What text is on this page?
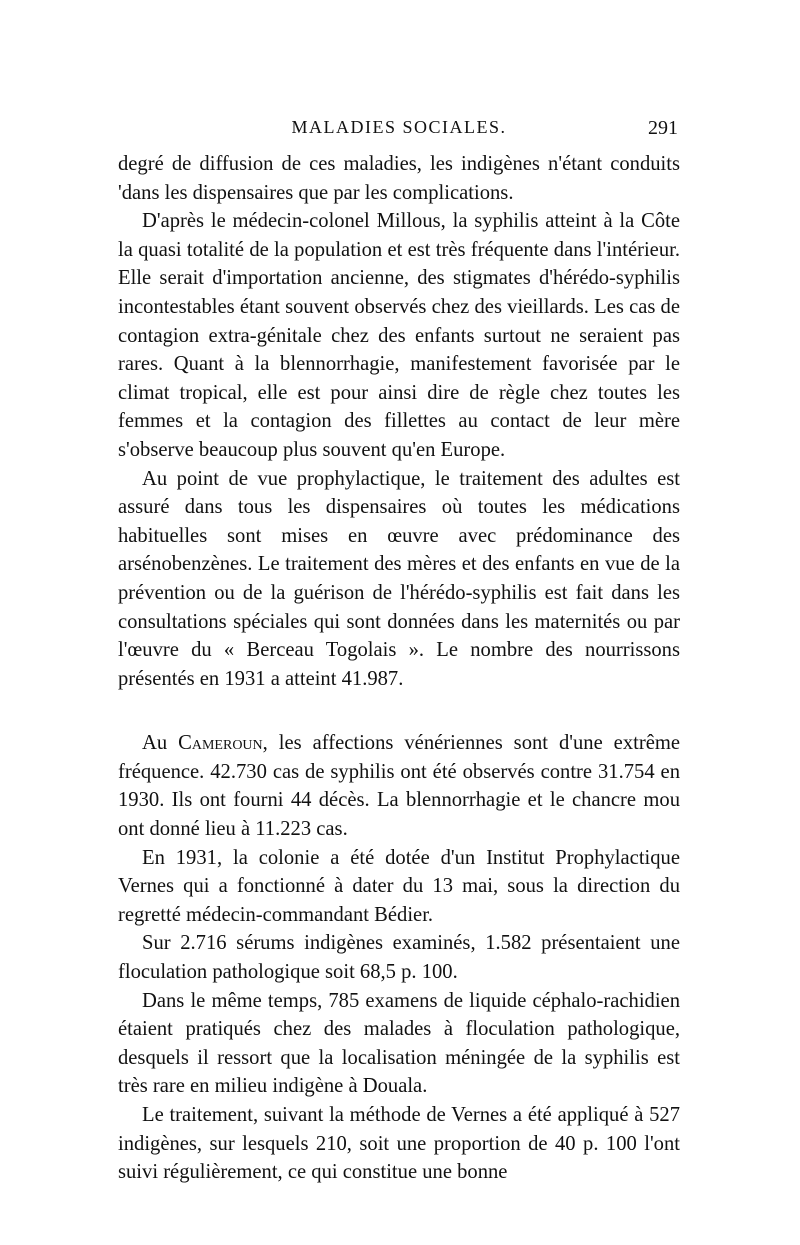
MALADIES SOCIALES.	291

degré de diffusion de ces maladies, les indigènes n'étant conduits 'dans les dispensaires que par les complications.

D'après le médecin-colonel Millous, la syphilis atteint à la Côte la quasi totalité de la population et est très fréquente dans l'intérieur. Elle serait d'importation ancienne, des stigmates d'hérédo-syphilis incontestables étant souvent observés chez des vieillards. Les cas de contagion extra-génitale chez des enfants surtout ne seraient pas rares. Quant à la blennorrhagie, manifestement favorisée par le climat tropical, elle est pour ainsi dire de règle chez toutes les femmes et la contagion des fillettes au contact de leur mère s'observe beaucoup plus souvent qu'en Europe.

Au point de vue prophylactique, le traitement des adultes est assuré dans tous les dispensaires où toutes les médications habituelles sont mises en œuvre avec prédominance des arsénobenzènes. Le traitement des mères et des enfants en vue de la prévention ou de la guérison de l'hérédo-syphilis est fait dans les consultations spéciales qui sont données dans les maternités ou par l'œuvre du « Berceau Togolais ». Le nombre des nourrissons présentés en 1931 a atteint 41.987.

Au Cameroun, les affections vénériennes sont d'une extrême fréquence. 42.730 cas de syphilis ont été observés contre 31.754 en 1930. Ils ont fourni 44 décès. La blennorrhagie et le chancre mou ont donné lieu à 11.223 cas.

En 1931, la colonie a été dotée d'un Institut Prophylactique Vernes qui a fonctionné à dater du 13 mai, sous la direction du regretté médecin-commandant Bédier.

Sur 2.716 sérums indigènes examinés, 1.582 présentaient une floculation pathologique soit 68,5 p. 100.

Dans le même temps, 785 examens de liquide céphalo-rachidien étaient pratiqués chez des malades à floculation pathologique, desquels il ressort que la localisation méningée de la syphilis est très rare en milieu indigène à Douala.

Le traitement, suivant la méthode de Vernes a été appliqué à 527 indigènes, sur lesquels 210, soit une proportion de 40 p. 100 l'ont suivi régulièrement, ce qui constitue une bonne
